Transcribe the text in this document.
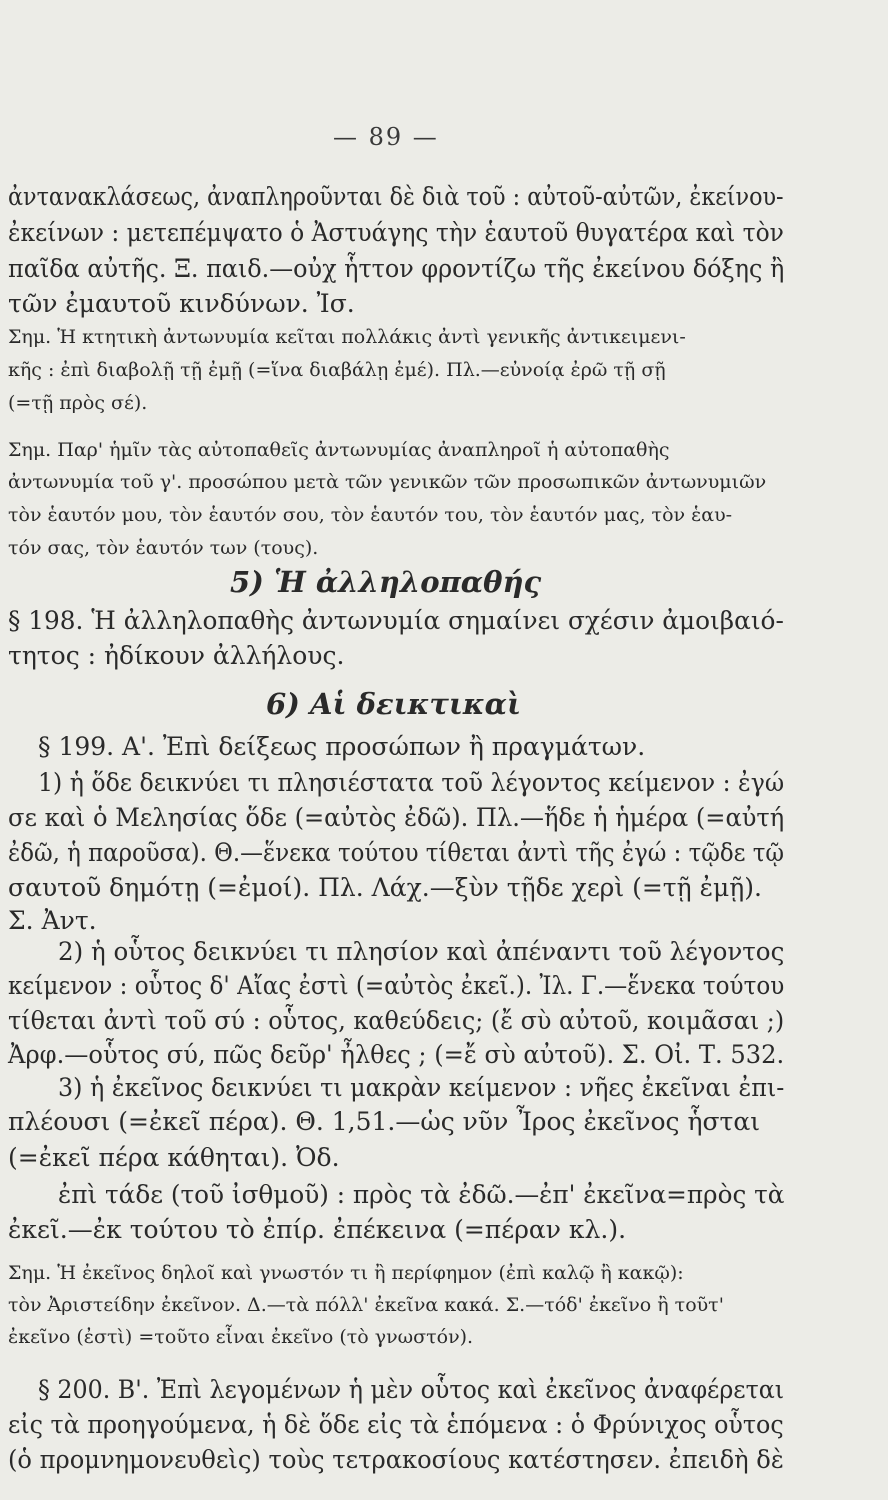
— 89 —
ἀντανακλάσεως, ἀναπληροῦνται δὲ διὰ τοῦ : αὐτοῦ-αὐτῶν, ἐκείνου-
ἐκείνων : μετεπέμψατο ὁ Ἀστυάγης τὴν ἑαυτοῦ θυγατέρα καὶ τὸν
παῖδα αὐτῆς. Ξ. παιδ.—οὐχ ἧττον φροντίζω τῆς ἐκείνου δόξης ἢ
τῶν ἐμαυτοῦ κινδύνων. Ἰσ.
Σημ. Ἡ κτητικὴ ἀντωνυμία κεῖται πολλάκις ἀντὶ γενικῆς ἀντικειμενι-
κῆς : ἐπὶ διαβολῇ τῇ ἐμῇ (=ἵνα διαβάλῃ ἐμέ). Πλ.—εὐνοίᾳ ἐρῶ τῇ σῇ
(=τῇ πρὸς σέ).
Σημ. Παρ' ἡμῖν τὰς αὐτοπαθεῖς ἀντωνυμίας ἀναπληροῖ ἡ αὐτοπαθὴς
ἀντωνυμία τοῦ γ'. προσώπου μετὰ τῶν γενικῶν τῶν προσωπικῶν ἀντωνυμιῶν
τὸν ἑαυτόν μου, τὸν ἑαυτόν σου, τὸν ἑαυτόν του, τὸν ἑαυτόν μας, τὸν ἑαυ-
τόν σας, τὸν ἑαυτόν των (τους).
5) Ἡ ἀλληλοπαθής
§ 198. Ἡ ἀλληλοπαθὴς ἀντωνυμία σημαίνει σχέσιν ἀμοιβαιό-
τητος : ἠδίκουν ἀλλήλους.
6) Αἱ δεικτικαὶ
§ 199. Α'. Ἐπὶ δείξεως προσώπων ἢ πραγμάτων.
1) ἡ ὅδε δεικνύει τι πλησιέστατα τοῦ λέγοντος κείμενον : ἐγώ
σε καὶ ὁ Μελησίας ὅδε (=αὐτὸς ἐδῶ). Πλ.—ἥδε ἡ ἡμέρα (=αὐτή
ἐδῶ, ἡ παροῦσα). Θ.—ἕνεκα τούτου τίθεται ἀντὶ τῆς ἐγώ : τῷδε τῷ
σαυτοῦ δημότῃ (=ἐμοί). Πλ. Λάχ.—ξὺν τῇδε χερὶ (=τῇ ἐμῇ).
Σ. Ἀντ.
2) ἡ οὗτος δεικνύει τι πλησίον καὶ ἀπέναντι τοῦ λέγοντος
κείμενον : οὗτος δ' Αἴας ἐστὶ (=αὐτὸς ἐκεῖ.). Ἰλ. Γ.—ἕνεκα τούτου
τίθεται ἀντὶ τοῦ σύ : οὗτος, καθεύδεις; (ἔ σὺ αὐτοῦ, κοιμᾶσαι ;)
Ἀρφ.—οὗτος σύ, πῶς δεῦρ' ἦλθες ; (=ἔ σὺ αὐτοῦ). Σ. Οἰ. Τ. 532.
3) ἡ ἐκεῖνος δεικνύει τι μακρὰν κείμενον : νῆες ἐκεῖναι ἐπι-
πλέουσι (=ἐκεῖ πέρα). Θ. 1,51.—ὡς νῦν Ἶρος ἐκεῖνος ἧσται
(=ἐκεῖ πέρα κάθηται). Ὀδ.
ἐπὶ τάδε (τοῦ ἰσθμοῦ) : πρὸς τὰ ἐδῶ.—ἐπ' ἐκεῖνα=πρὸς τὰ
ἐκεῖ.—ἐκ τούτου τὸ ἐπίρ. ἐπέκεινα (=πέραν κλ.).
Σημ. Ἡ ἐκεῖνος δηλοῖ καὶ γνωστόν τι ἢ περίφημον (ἐπὶ καλῷ ἢ κακῷ):
τὸν Ἀριστείδην ἐκεῖνον. Δ.—τὰ πόλλ' ἐκεῖνα κακά. Σ.—τόδ' ἐκεῖνο ἢ τοῦτ'
ἐκεῖνο (ἐστὶ) =τοῦτο εἶναι ἐκεῖνο (τὸ γνωστόν).
§ 200. Β'. Ἐπὶ λεγομένων ἡ μὲν οὗτος καὶ ἐκεῖνος ἀναφέρεται
εἰς τὰ προηγούμενα, ἡ δὲ ὅδε εἰς τὰ ἑπόμενα : ὁ Φρύνιχος οὗτος
(ὁ προμνημονευθεὶς) τοὺς τετρακοσίους κατέστησεν. ἐπειδὴ δὲ
